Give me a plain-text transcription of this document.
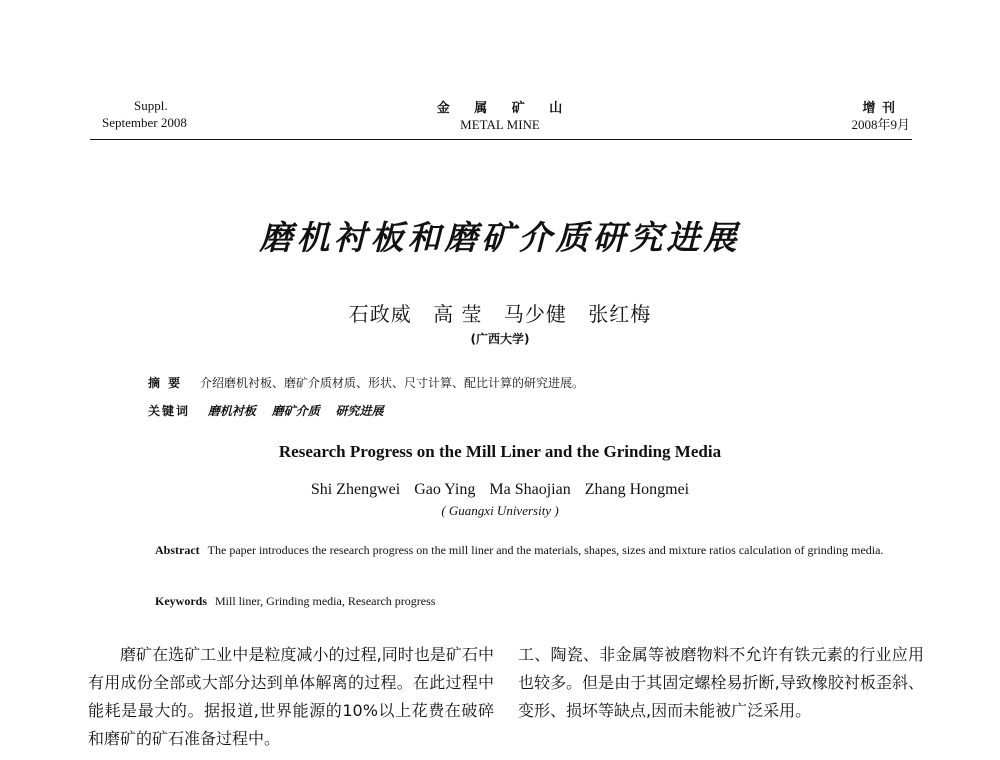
Suppl.
September 2008
金 属 矿 山
METAL MINE
增 刊
2008年9月
磨机衬板和磨矿介质研究进展
石政威 高 莹 马少健 张红梅
(广西大学)
摘 要 介绍磨机衬板、磨矿介质材质、形状、尺寸计算、配比计算的研究进展。
关键词 磨机衬板 磨矿介质 研究进展
Research Progress on the Mill Liner and the Grinding Media
Shi Zhengwei Gao Ying Ma Shaojian Zhang Hongmei
( Guangxi University )
Abstract The paper introduces the research progress on the mill liner and the materials, shapes, sizes and mixture ratios calculation of grinding media.
Keywords Mill liner, Grinding media, Research progress
磨矿在选矿工业中是粒度减小的过程,同时也是矿石中有用成份全部或大部分达到单体解离的过程。在此过程中能耗是最大的。据报道,世界能源的10%以上花费在破碎和磨矿的矿石准备过程中。
工、陶瓷、非金属等被磨物料不允许有铁元素的行业应用也较多。但是由于其固定螺栓易折断,导致橡胶衬板歪斜、变形、损坏等缺点,因而未能被广泛采用。
